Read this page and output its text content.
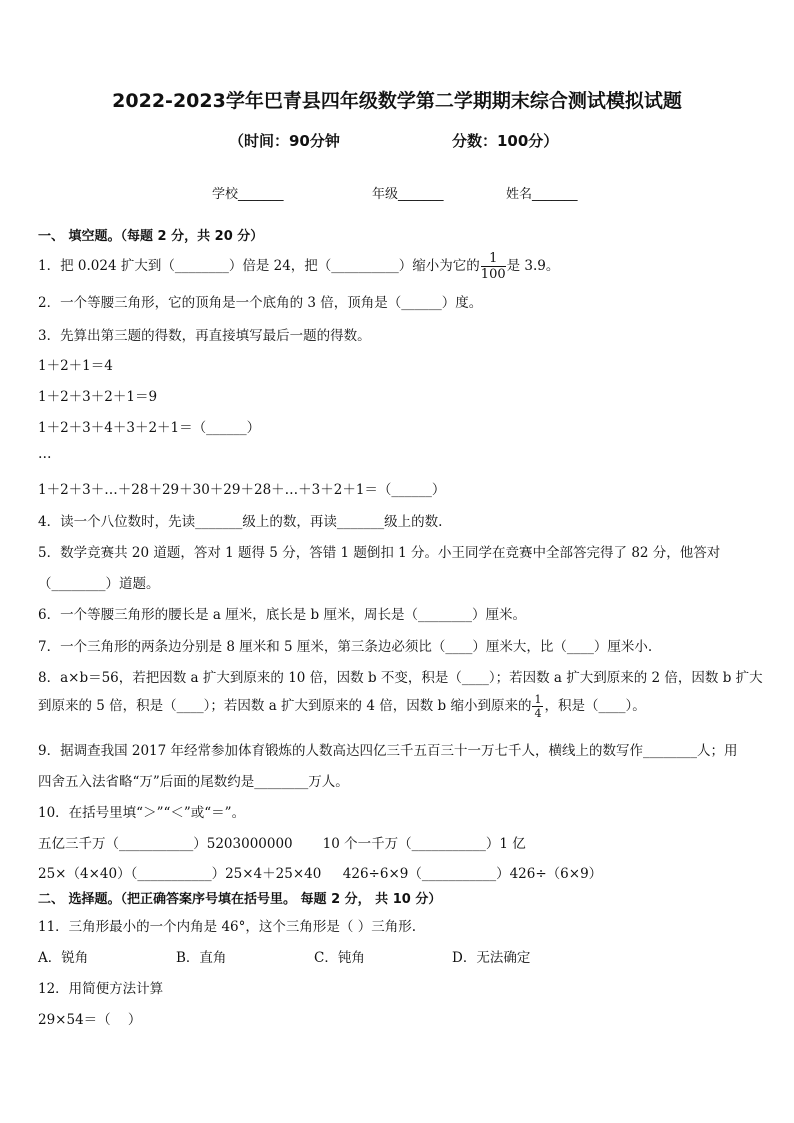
2022-2023学年巴青县四年级数学第二学期期末综合测试模拟试题
（时间：90分钟	分数：100分）
学校_______	年级_______	姓名_______
一、 填空题。（每题 2 分，共 20 分）
1．把 0.024 扩大到（________）倍是 24，把（__________）缩小为它的 $\frac{1}{100}$ 是 3.9。
2．一个等腰三角形，它的顶角是一个底角的 3 倍，顶角是（______）度。
3．先算出第三题的得数，再直接填写最后一题的得数。
1＋2＋1＝4
1＋2＋3＋2＋1＝9
1＋2＋3＋4＋3＋2＋1＝（______）
…
1＋2＋3＋…＋28＋29＋30＋29＋28＋…＋3＋2＋1＝（______）
4．读一个八位数时，先读_______级上的数，再读_______级上的数.
5．数学竞赛共 20 道题，答对 1 题得 5 分，答错 1 题倒扣 1 分。小王同学在竞赛中全部答完得了 82 分，他答对
（________）道题。
6．一个等腰三角形的腰长是 a 厘米，底长是 b 厘米，周长是（________）厘米。
7．一个三角形的两条边分别是 8 厘米和 5 厘米，第三条边必须比（____）厘米大，比（____）厘米小.
8．a×b＝56，若把因数 a 扩大到原来的 10 倍，因数 b 不变，积是（____）；若因数 a 扩大到原来的 2 倍，因数 b 扩大
到原来的 5 倍，积是（____）；若因数 a 扩大到原来的 4 倍，因数 b 缩小到原来的 $\frac{1}{4}$ ，积是（____）。
9．据调查我国 2017 年经常参加体育锻炼的人数高达四亿三千五百三十一万七千人，横线上的数写作________人；用
四舍五入法省略“万”后面的尾数约是________万人。
10．在括号里填“＞”“＜”或“＝”。
五亿三千万（___________）5203000000       10 个一千万（___________）1 亿
25×（4×40）（___________）25×4＋25×40     426÷6×9（___________）426÷（6×9）
二、 选择题。（把正确答案序号填在括号里。 每题 2 分， 共 10 分）
11．三角形最小的一个内角是 46°，这个三角形是（ ）三角形.
A．锐角	B．直角	C．钝角	D．无法确定
12．用简便方法计算
29×54＝（    ）
